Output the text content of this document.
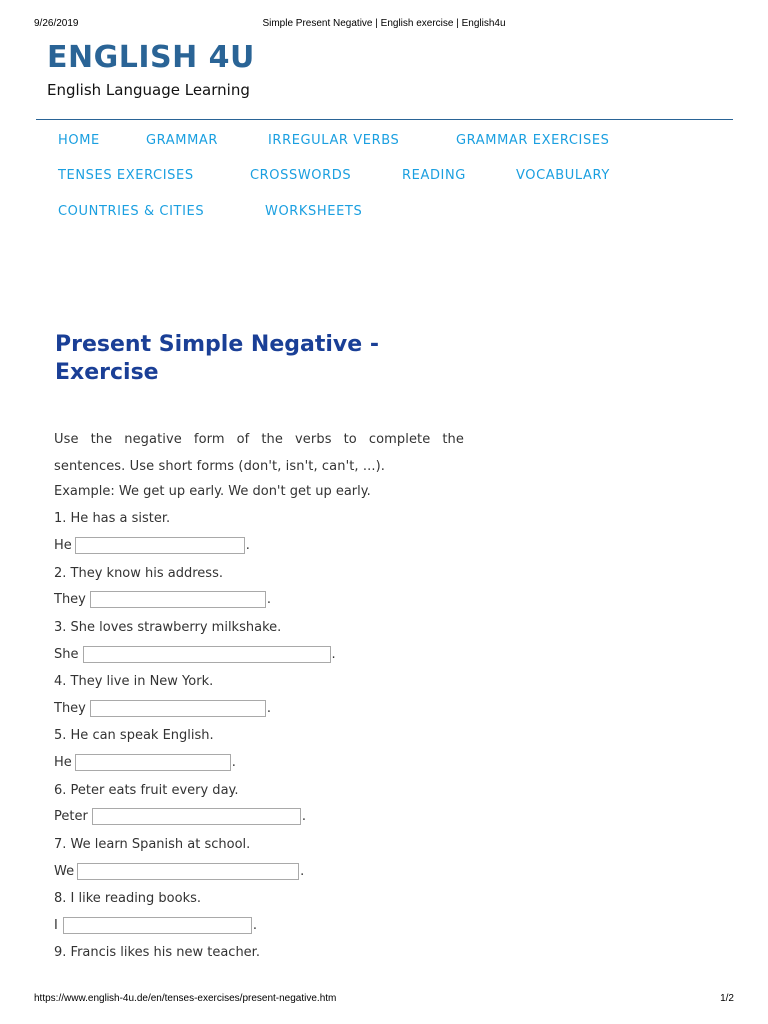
9/26/2019	Simple Present Negative | English exercise | English4u
ENGLISH 4U

English Language Learning

HOME	GRAMMAR	IRREGULAR VERBS	GRAMMAR EXERCISES
TENSES EXERCISES	CROSSWORDS	READING	VOCABULARY
COUNTRIES & CITIES	WORKSHEETS
Present Simple Negative -
Exercise

Use the negative form of the verbs to complete the sentences. Use short forms (don't, isn't, can't, ...).

Example: We get up early. We don't get up early.
1. He has a sister.
He	.
2. They know his address.
They	.
3. She loves strawberry milkshake.
She	.
4. They live in New York.
They	.
5. He can speak English.
He	.
6. Peter eats fruit every day.
Peter	.
7. We learn Spanish at school.
We	.
8. I like reading books.
I	.
9. Francis likes his new teacher.
https://www.english-4u.de/en/tenses-exercises/present-negative.htm	1/2
